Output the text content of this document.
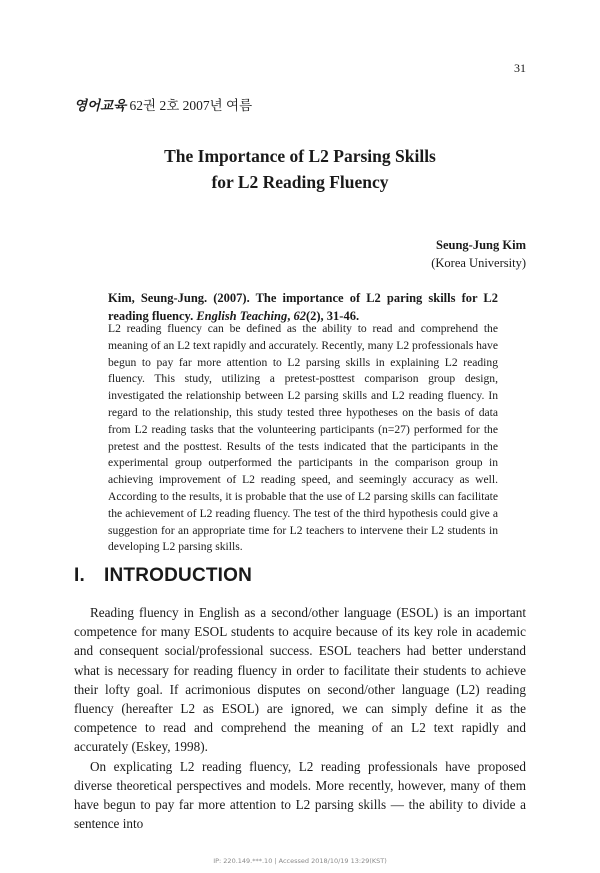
31
영어교육 62권 2호 2007년 여름
The Importance of L2 Parsing Skills
for L2 Reading Fluency
Seung-Jung Kim
(Korea University)
Kim, Seung-Jung. (2007). The importance of L2 paring skills for L2 reading fluency. English Teaching, 62(2), 31-46.
L2 reading fluency can be defined as the ability to read and comprehend the meaning of an L2 text rapidly and accurately. Recently, many L2 professionals have begun to pay far more attention to L2 parsing skills in explaining L2 reading fluency. This study, utilizing a pretest-posttest comparison group design, investigated the relationship between L2 parsing skills and L2 reading fluency. In regard to the relationship, this study tested three hypotheses on the basis of data from L2 reading tasks that the volunteering participants (n=27) performed for the pretest and the posttest. Results of the tests indicated that the participants in the experimental group outperformed the participants in the comparison group in achieving improvement of L2 reading speed, and seemingly accuracy as well. According to the results, it is probable that the use of L2 parsing skills can facilitate the achievement of L2 reading fluency. The test of the third hypothesis could give a suggestion for an appropriate time for L2 teachers to intervene their L2 students in developing L2 parsing skills.
I. INTRODUCTION

Reading fluency in English as a second/other language (ESOL) is an important competence for many ESOL students to acquire because of its key role in academic and consequent social/professional success. ESOL teachers had better understand what is necessary for reading fluency in order to facilitate their students to achieve their lofty goal. If acrimonious disputes on second/other language (L2) reading fluency (hereafter L2 as ESOL) are ignored, we can simply define it as the competence to read and comprehend the meaning of an L2 text rapidly and accurately (Eskey, 1998).

On explicating L2 reading fluency, L2 reading professionals have proposed diverse theoretical perspectives and models. More recently, however, many of them have begun to pay far more attention to L2 parsing skills — the ability to divide a sentence into

IP: 220.149.***.10 | Accessed 2018/10/19 13:29(KST)
